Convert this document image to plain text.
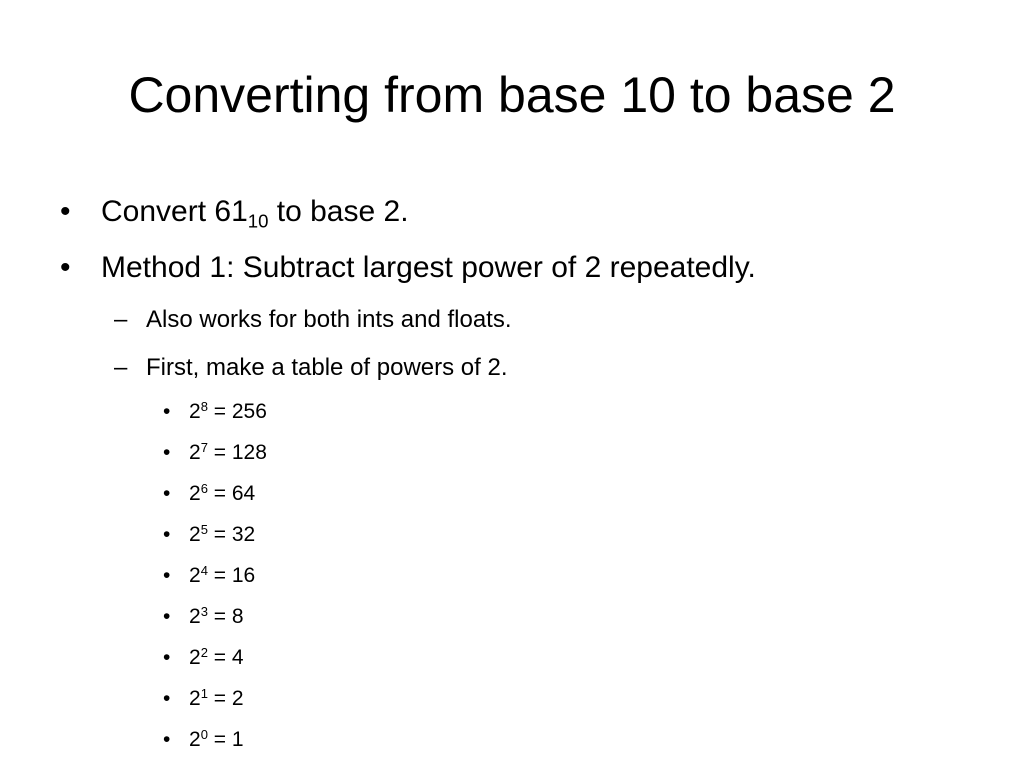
Converting from base 10 to base 2
• Convert $61_{10}$ to base 2.
• Method 1: Subtract largest power of 2 repeatedly.
– Also works for both ints and floats.
– First, make a table of powers of 2.
• $2^8 = 256$
• $2^7 = 128$
• $2^6 = 64$
• $2^5 = 32$
• $2^4 = 16$
• $2^3 = 8$
• $2^2 = 4$
• $2^1 = 2$
• $2^0 = 1$
